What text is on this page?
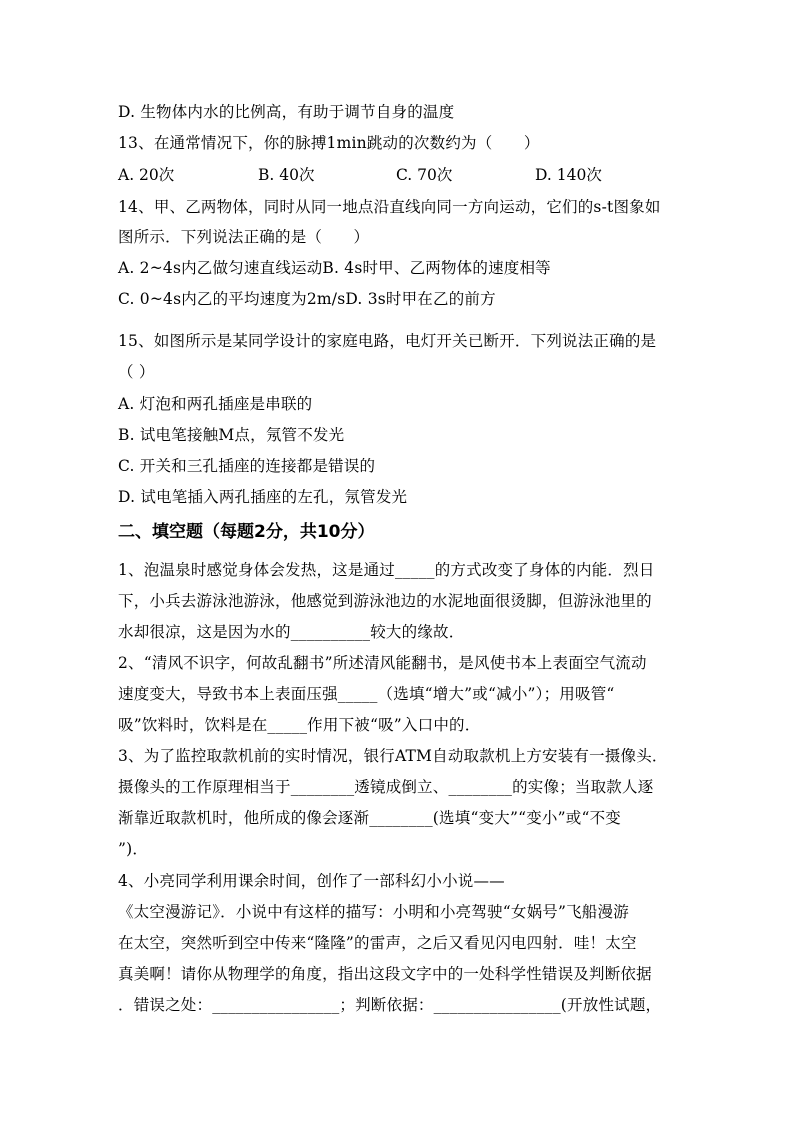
D. 生物体内水的比例高，有助于调节自身的温度
13、在通常情况下，你的脉搏1min跳动的次数约为（　　）
A. 20次	B. 40次	C. 70次	D. 140次
14、甲、乙两物体，同时从同一地点沿直线向同一方向运动，它们的s-t图象如
图所示．下列说法正确的是（　　）
A. 2~4s内乙做匀速直线运动B. 4s时甲、乙两物体的速度相等
C. 0~4s内乙的平均速度为2m/sD. 3s时甲在乙的前方
15、如图所示是某同学设计的家庭电路，电灯开关已断开．下列说法正确的是
（ ）
A. 灯泡和两孔插座是串联的
B. 试电笔接触M点，氖管不发光
C. 开关和三孔插座的连接都是错误的
D. 试电笔插入两孔插座的左孔，氖管发光
二、填空题（每题2分，共10分）
1、泡温泉时感觉身体会发热，这是通过_____的方式改变了身体的内能．烈日
下，小兵去游泳池游泳，他感觉到游泳池边的水泥地面很烫脚，但游泳池里的
水却很凉，这是因为水的__________较大的缘故．
2、“清风不识字，何故乱翻书”所述清风能翻书，是风使书本上表面空气流动
速度变大，导致书本上表面压强_____（选填“增大”或“减小”）；用吸管“
吸”饮料时，饮料是在_____作用下被“吸”入口中的．
3、为了监控取款机前的实时情况，银行ATM自动取款机上方安装有一摄像头．
摄像头的工作原理相当于________透镜成倒立、________的实像；当取款人逐
渐靠近取款机时，他所成的像会逐渐________(选填“变大”“变小”或“不变
”)．
4、小亮同学利用课余时间，创作了一部科幻小小说——
《太空漫游记》．小说中有这样的描写：小明和小亮驾驶“女娲号”飞船漫游
在太空，突然听到空中传来“隆隆”的雷声，之后又看见闪电四射．哇！太空
真美啊！请你从物理学的角度，指出这段文字中的一处科学性错误及判断依据
．错误之处：________________；判断依据：________________(开放性试题，
